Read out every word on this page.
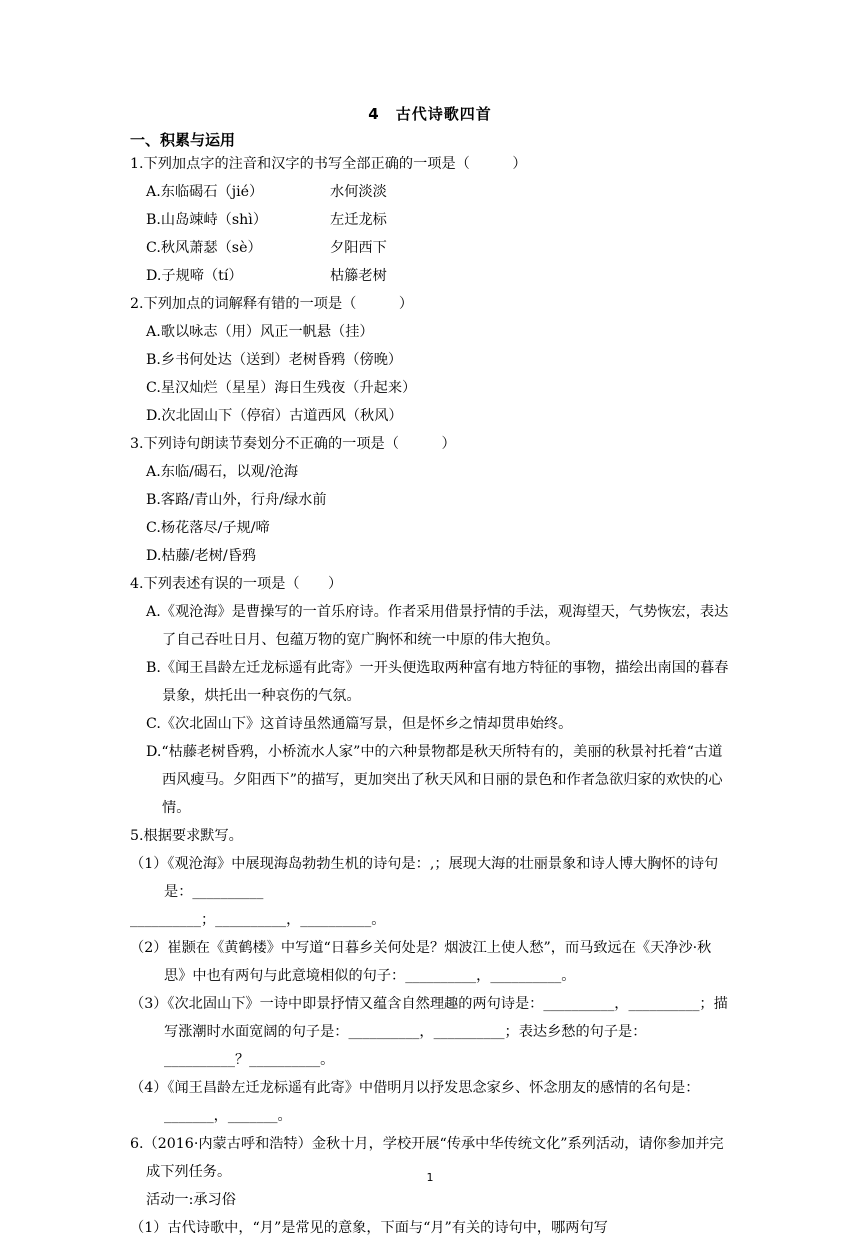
4　古代诗歌四首
一、积累与运用

1.下列加点字的注音和汉字的书写全部正确的一项是（　　　）

A.东临碣石（jié）	水何淡淡
B.山岛竦峙（shì）	左迁龙标
C.秋风萧瑟（sè）	夕阳西下
D.子规啼（tí）	枯籐老树

2.下列加点的词解释有错的一项是（　　　）

A.歌以咏志（用）风正一帆悬（挂）

B.乡书何处达（送到）老树昏鸦（傍晚）

C.星汉灿烂（星星）海日生残夜（升起来）

D.次北固山下（停宿）古道西风（秋风）

3.下列诗句朗读节奏划分不正确的一项是（　　　）

A.东临/碣石，以观/沧海

B.客路/青山外，行舟/绿水前

C.杨花落尽/子规/啼

D.枯藤/老树/昏鸦

4.下列表述有误的一项是（　　）

A.《观沧海》是曹操写的一首乐府诗。作者采用借景抒情的手法，观海望天，气势恢宏，表达了自己吞吐日月、包蕴万物的宽广胸怀和统一中原的伟大抱负。

B.《闻王昌龄左迁龙标遥有此寄》一开头便选取两种富有地方特征的事物，描绘出南国的暮春景象，烘托出一种哀伤的气氛。

C.《次北固山下》这首诗虽然通篇写景，但是怀乡之情却贯串始终。

D.“枯藤老树昏鸦，小桥流水人家”中的六种景物都是秋天所特有的，美丽的秋景衬托着“古道西风瘦马。夕阳西下”的描写，更加突出了秋天风和日丽的景色和作者急欲归家的欢快的心情。

5.根据要求默写。

（1）《观沧海》中展现海岛勃勃生机的诗句是：,；展现大海的壮丽景象和诗人博大胸怀的诗句是：__________

__________；__________，__________。

（2）崔颢在《黄鹤楼》中写道“日暮乡关何处是？烟波江上使人愁”，而马致远在《天净沙·秋思》中也有两句与此意境相似的句子：__________，__________。

（3）《次北固山下》一诗中即景抒情又蕴含自然理趣的两句诗是：__________，__________；描写涨潮时水面宽阔的句子是：__________，__________；表达乡愁的句子是：__________？__________。

（4）《闻王昌龄左迁龙标遥有此寄》中借明月以抒发思念家乡、怀念朋友的感情的名句是：_______，_______。

6.（2016·内蒙古呼和浩特）金秋十月，学校开展“传承中华传统文化”系列活动，请你参加并完成下列任务。

活动一:承习俗

（1）古代诗歌中，“月”是常见的意象，下面与“月”有关的诗句中，哪两句写

1
